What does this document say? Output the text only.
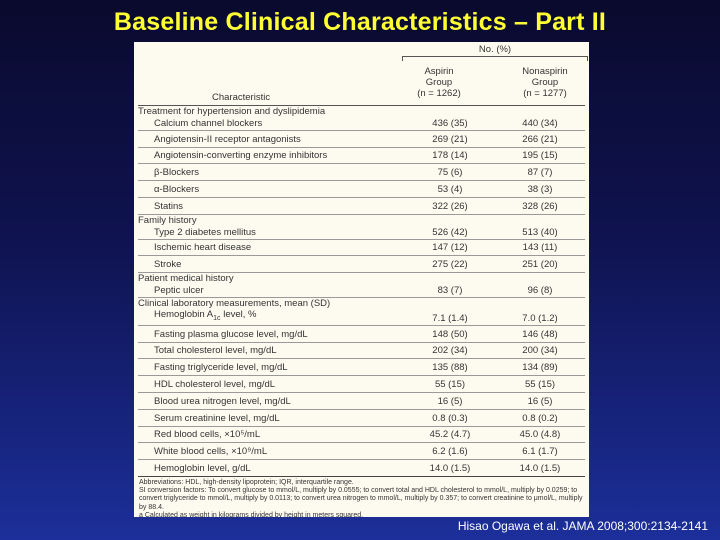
Baseline Clinical Characteristics – Part II
No. (%)
Aspirin
Group
(n = 1262)
Nonaspirin
Group
(n = 1277)
Characteristic
Treatment for hypertension and dyslipidemia		
Calcium channel blockers	436 (35)	440 (34)
Angiotensin-II receptor antagonists	269 (21)	266 (21)
Angiotensin-converting enzyme inhibitors	178 (14)	195 (15)
β-Blockers	75 (6)	87 (7)
α-Blockers	53 (4)	38 (3)
Statins	322 (26)	328 (26)
Family history		
Type 2 diabetes mellitus	526 (42)	513 (40)
Ischemic heart disease	147 (12)	143 (11)
Stroke	275 (22)	251 (20)
Patient medical history		
Peptic ulcer	83 (7)	96 (8)
Clinical laboratory measurements, mean (SD)		
Hemoglobin $A_{1c}$ level, %	7.1 (1.4)	7.0 (1.2)
Fasting plasma glucose level, mg/dL	148 (50)	146 (48)
Total cholesterol level, mg/dL	202 (34)	200 (34)
Fasting triglyceride level, mg/dL	135 (88)	134 (89)
HDL cholesterol level, mg/dL	55 (15)	55 (15)
Blood urea nitrogen level, mg/dL	16 (5)	16 (5)
Serum creatinine level, mg/dL	0.8 (0.3)	0.8 (0.2)
Red blood cells, ×10⁵/mL	45.2 (4.7)	45.0 (4.8)
White blood cells, ×10⁹/mL	6.2 (1.6)	6.1 (1.7)
Hemoglobin level, g/dL	14.0 (1.5)	14.0 (1.5)
Abbreviations: HDL, high-density lipoprotein; IQR, interquartile range.
SI conversion factors: To convert glucose to mmol/L, multiply by 0.0555; to convert total and HDL cholesterol to mmol/L, multiply by 0.0259; to convert triglyceride to mmol/L, multiply by 0.0113; to convert urea nitrogen to mmol/L, multiply by 0.357; to convert creatinine to μmol/L, multiply by 88.4.
a Calculated as weight in kilograms divided by height in meters squared.
Hisao Ogawa et al. JAMA 2008;300:2134-2141
